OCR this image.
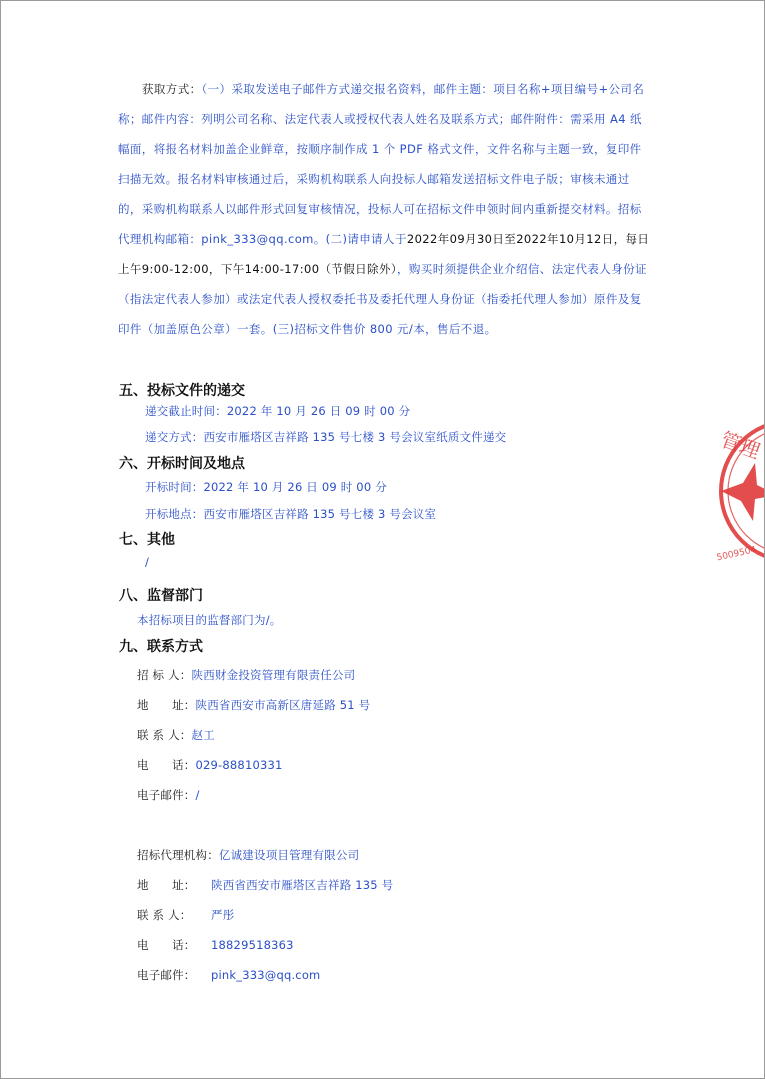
获取方式：（一）采取发送电子邮件方式递交报名资料，邮件主题：项目名称+项目编号+公司名称；邮件内容：列明公司名称、法定代表人或授权代表人姓名及联系方式；邮件附件：需采用 A4 纸幅面，将报名材料加盖企业鲜章，按顺序制作成 1 个 PDF 格式文件，文件名称与主题一致，复印件扫描无效。报名材料审核通过后，采购机构联系人向投标人邮箱发送招标文件电子版；审核未通过的，采购机构联系人以邮件形式回复审核情况，投标人可在招标文件申领时间内重新提交材料。招标代理机构邮箱：pink_333@qq.com。(二)请申请人于2022年09月30日至2022年10月12日，每日上午9:00-12:00，下午14:00-17:00（节假日除外），购买时须提供企业介绍信、法定代表人身份证（指法定代表人参加）或法定代表人授权委托书及委托代理人身份证（指委托代理人参加）原件及复印件（加盖原色公章）一套。(三)招标文件售价 800 元/本，售后不退。
五、投标文件的递交
递交截止时间：2022 年 10 月 26 日 09 时 00 分
递交方式：西安市雁塔区吉祥路 135 号七楼 3 号会议室纸质文件递交
六、开标时间及地点
开标时间：2022 年 10 月 26 日 09 时 00 分
开标地点：西安市雁塔区吉祥路 135 号七楼 3 号会议室
七、其他
/
八、监督部门
本招标项目的监督部门为/。
九、联系方式
招 标 人：陕西财金投资管理有限责任公司
地　　址：陕西省西安市高新区唐延路 51 号
联 系 人：赵工
电　　话：029-88810331
电子邮件：/
招标代理机构：亿诚建设项目管理有限公司
地　　址： 陕西省西安市雁塔区吉祥路 135 号
联 系 人： 严彤
电　　话： 18829518363
电子邮件： pink_333@qq.com
管理
5009504
